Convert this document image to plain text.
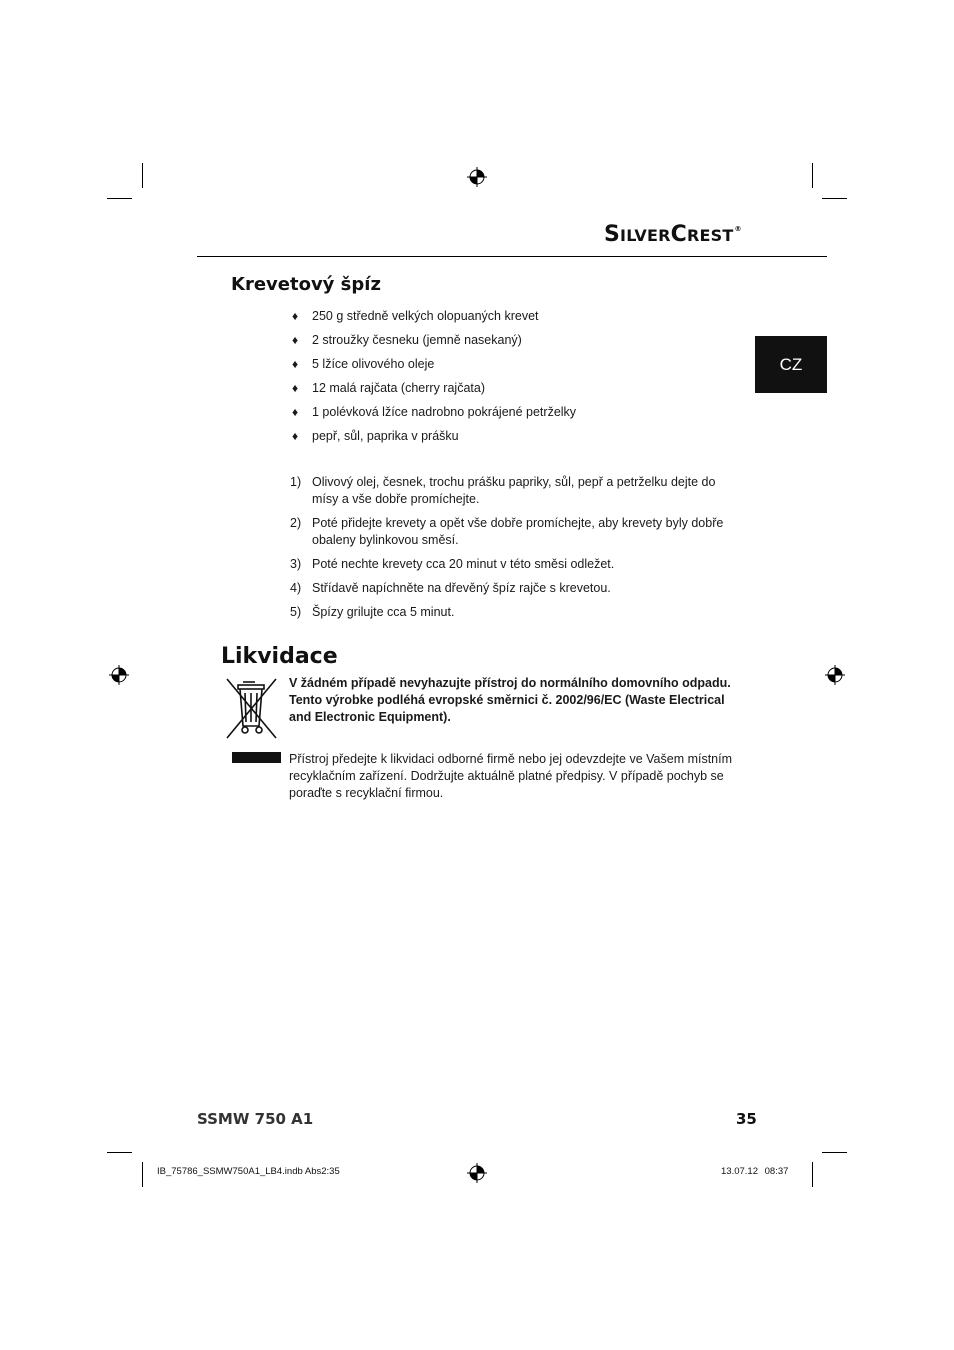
SILVERCREST®
CZ
Krevetový špíz
♦ 250 g středně velkých olopuaných krevet
♦ 2 stroužky česneku (jemně nasekaný)
♦ 5 lžíce olivového oleje
♦ 12 malá rajčata (cherry rajčata)
♦ 1 polévková lžíce nadrobno pokrájené petrželky
♦ pepř, sůl, paprika v prášku
1) Olivový olej, česnek, trochu prášku papriky, sůl, pepř a petrželku dejte do mísy a vše dobře promíchejte.
2) Poté přidejte krevety a opět vše dobře promíchejte, aby krevety byly dobře obaleny bylinkovou směsí.
3) Poté nechte krevety cca 20 minut v této směsi odležet.
4) Střídavě napíchněte na dřevěný špíz rajče s krevetou.
5) Špízy grilujte cca 5 minut.
Likvidace

V žádném případě nevyhazujte přístroj do normálního domovního odpadu.

Tento výrobke podléhá evropské směrnici č. 2002/96/EC (Waste Electrical and Electronic Equipment).

Přístroj předejte k likvidaci odborné firmě nebo jej odevzdejte ve Vašem místním recyklačním zařízení. Dodržujte aktuálně platné předpisy. V případě pochyb se poraďte s recyklační firmou.

SSMW 750 A1	35
IB_75786_SSMW750A1_LB4.indb Abs2:35	13.07.12 08:37
